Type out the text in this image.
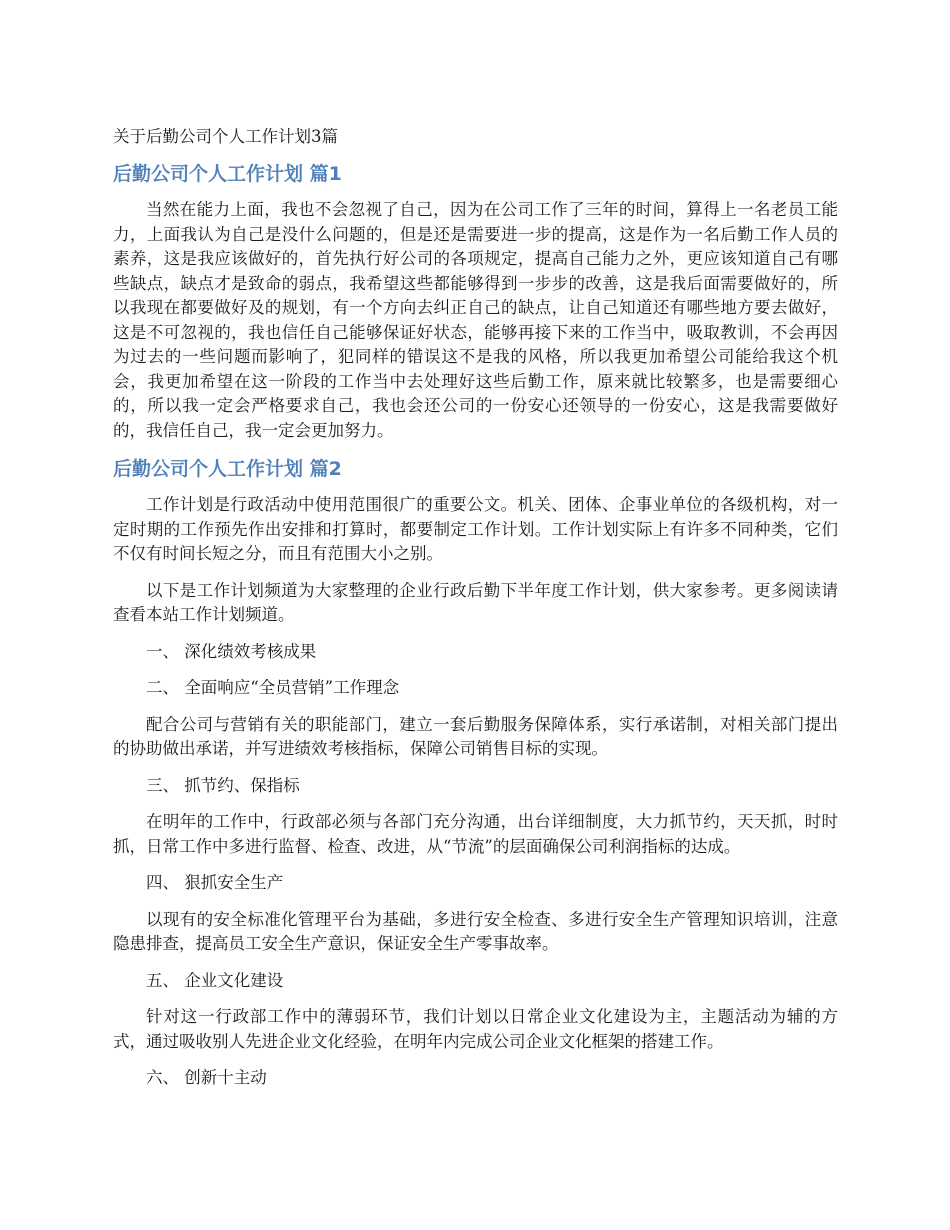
关于后勤公司个人工作计划3篇
后勤公司个人工作计划 篇1

当然在能力上面，我也不会忽视了自己，因为在公司工作了三年的时间，算得上一名老员工能力，上面我认为自己是没什么问题的，但是还是需要进一步的提高，这是作为一名后勤工作人员的素养，这是我应该做好的，首先执行好公司的各项规定，提高自己能力之外，更应该知道自己有哪些缺点，缺点才是致命的弱点，我希望这些都能够得到一步步的改善，这是我后面需要做好的，所以我现在都要做好及的规划，有一个方向去纠正自己的缺点，让自己知道还有哪些地方要去做好，这是不可忽视的，我也信任自己能够保证好状态，能够再接下来的工作当中，吸取教训，不会再因为过去的一些问题而影响了，犯同样的错误这不是我的风格，所以我更加希望公司能给我这个机会，我更加希望在这一阶段的工作当中去处理好这些后勤工作，原来就比较繁多，也是需要细心的，所以我一定会严格要求自己，我也会还公司的一份安心还领导的一份安心，这是我需要做好的，我信任自己，我一定会更加努力。

后勤公司个人工作计划 篇2

工作计划是行政活动中使用范围很广的重要公文。机关、团体、企事业单位的各级机构，对一定时期的工作预先作出安排和打算时，都要制定工作计划。工作计划实际上有许多不同种类，它们不仅有时间长短之分，而且有范围大小之别。

以下是工作计划频道为大家整理的企业行政后勤下半年度工作计划，供大家参考。更多阅读请查看本站工作计划频道。

一、 深化绩效考核成果

二、 全面响应“全员营销”工作理念

配合公司与营销有关的职能部门，建立一套后勤服务保障体系，实行承诺制，对相关部门提出的协助做出承诺，并写进绩效考核指标，保障公司销售目标的实现。

三、 抓节约、保指标

在明年的工作中，行政部必须与各部门充分沟通，出台详细制度，大力抓节约，天天抓，时时抓，日常工作中多进行监督、检查、改进，从“节流”的层面确保公司利润指标的达成。

四、 狠抓安全生产

以现有的安全标准化管理平台为基础，多进行安全检查、多进行安全生产管理知识培训，注意隐患排查，提高员工安全生产意识，保证安全生产零事故率。

五、 企业文化建设

针对这一行政部工作中的薄弱环节，我们计划以日常企业文化建设为主，主题活动为辅的方式，通过吸收别人先进企业文化经验，在明年内完成公司企业文化框架的搭建工作。

六、 创新十主动
